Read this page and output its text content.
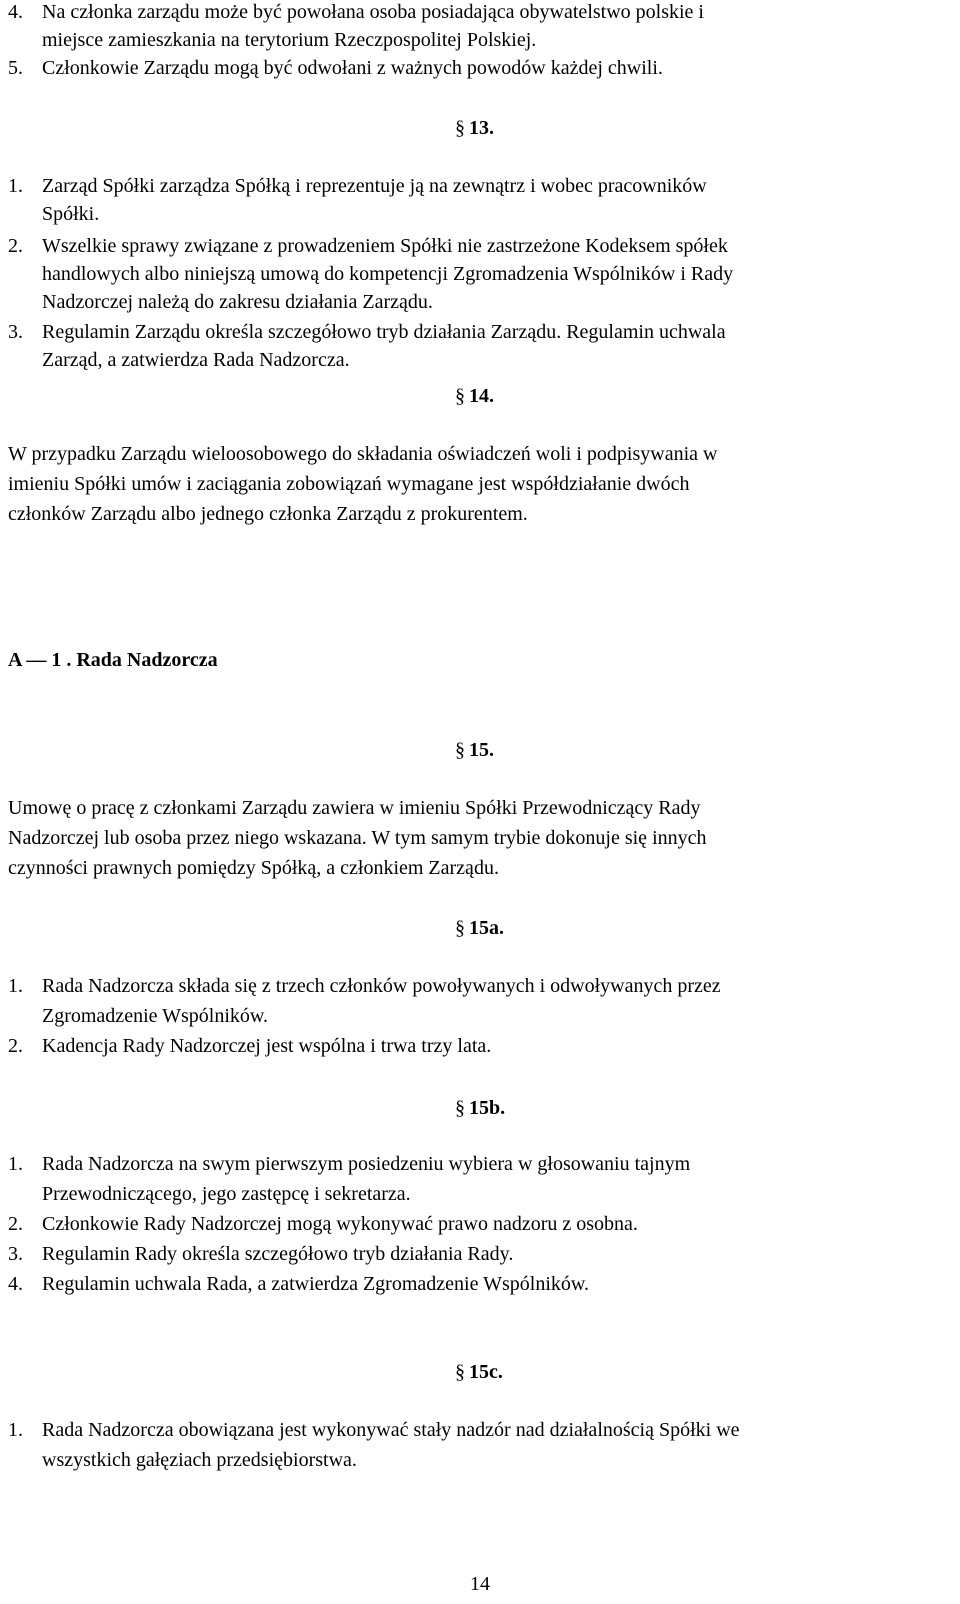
4. Na członka zarządu może być powołana osoba posiadająca obywatelstwo polskie i

miejsce zamieszkania na terytorium Rzeczpospolitej Polskiej.

5. Członkowie Zarządu mogą być odwołani z ważnych powodów każdej chwili.

§ 13.

1. Zarząd Spółki zarządza Spółką i reprezentuje ją na zewnątrz i wobec pracowników

Spółki.

2. Wszelkie sprawy związane z prowadzeniem Spółki nie zastrzeżone Kodeksem spółek

handlowych albo niniejszą umową do kompetencji Zgromadzenia Wspólników i Rady

Nadzorczej należą do zakresu działania Zarządu.

3. Regulamin Zarządu określa szczegółowo tryb działania Zarządu. Regulamin uchwala

Zarząd, a zatwierdza Rada Nadzorcza.

§ 14.

W przypadku Zarządu wieloosobowego do składania oświadczeń woli i podpisywania w

imieniu Spółki umów i zaciągania zobowiązań wymagane jest współdziałanie dwóch

członków Zarządu albo jednego członka Zarządu z prokurentem.

A — 1 . Rada Nadzorcza

§ 15.

Umowę o pracę z członkami Zarządu zawiera w imieniu Spółki Przewodniczący Rady

Nadzorczej lub osoba przez niego wskazana. W tym samym trybie dokonuje się innych

czynności prawnych pomiędzy Spółką, a członkiem Zarządu.

§ 15a.

1. Rada Nadzorcza składa się z trzech członków powoływanych i odwoływanych przez

Zgromadzenie Wspólników.

2. Kadencja Rady Nadzorczej jest wspólna i trwa trzy lata.

§ 15b.

1. Rada Nadzorcza na swym pierwszym posiedzeniu wybiera w głosowaniu tajnym

Przewodniczącego, jego zastępcę i sekretarza.

2. Członkowie Rady Nadzorczej mogą wykonywać prawo nadzoru z osobna.

3. Regulamin Rady określa szczegółowo tryb działania Rady.

4. Regulamin uchwala Rada, a zatwierdza Zgromadzenie Wspólników.

§ 15c.

1. Rada Nadzorcza obowiązana jest wykonywać stały nadzór nad działalnością Spółki we

wszystkich gałęziach przedsiębiorstwa.

14
